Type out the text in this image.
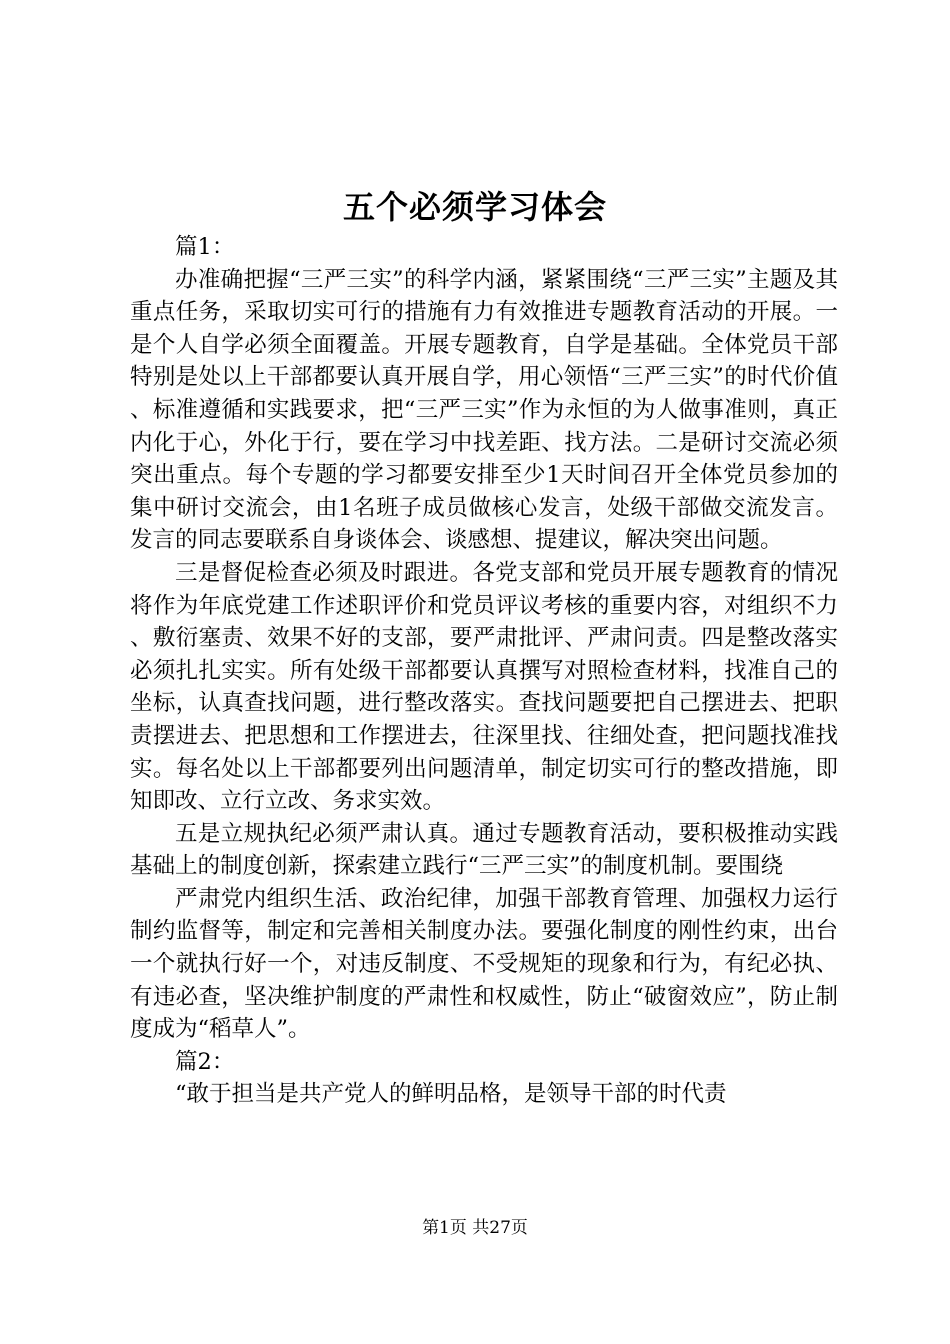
五个必须学习体会

篇1：

办准确把握“三严三实”的科学内涵，紧紧围绕“三严三实”主题及其重点任务，采取切实可行的措施有力有效推进专题教育活动的开展。一是个人自学必须全面覆盖。开展专题教育，自学是基础。全体党员干部特别是处以上干部都要认真开展自学，用心领悟“三严三实”的时代价值、标准遵循和实践要求，把“三严三实”作为永恒的为人做事准则，真正内化于心，外化于行，要在学习中找差距、找方法。二是研讨交流必须突出重点。每个专题的学习都要安排至少1天时间召开全体党员参加的集中研讨交流会，由1名班子成员做核心发言，处级干部做交流发言。发言的同志要联系自身谈体会、谈感想、提建议，解决突出问题。

三是督促检查必须及时跟进。各党支部和党员开展专题教育的情况将作为年底党建工作述职评价和党员评议考核的重要内容，对组织不力、敷衍塞责、效果不好的支部，要严肃批评、严肃问责。四是整改落实必须扎扎实实。所有处级干部都要认真撰写对照检查材料，找准自己的坐标，认真查找问题，进行整改落实。查找问题要把自己摆进去、把职责摆进去、把思想和工作摆进去，往深里找、往细处查，把问题找准找实。每名处以上干部都要列出问题清单，制定切实可行的整改措施，即知即改、立行立改、务求实效。

五是立规执纪必须严肃认真。通过专题教育活动，要积极推动实践基础上的制度创新，探索建立践行“三严三实”的制度机制。要围绕

严肃党内组织生活、政治纪律，加强干部教育管理、加强权力运行制约监督等，制定和完善相关制度办法。要强化制度的刚性约束，出台一个就执行好一个，对违反制度、不受规矩的现象和行为，有纪必执、有违必查，坚决维护制度的严肃性和权威性，防止“破窗效应”，防止制度成为“稻草人”。

篇2：

“敢于担当是共产党人的鲜明品格，是领导干部的时代责

第1页 共27页
